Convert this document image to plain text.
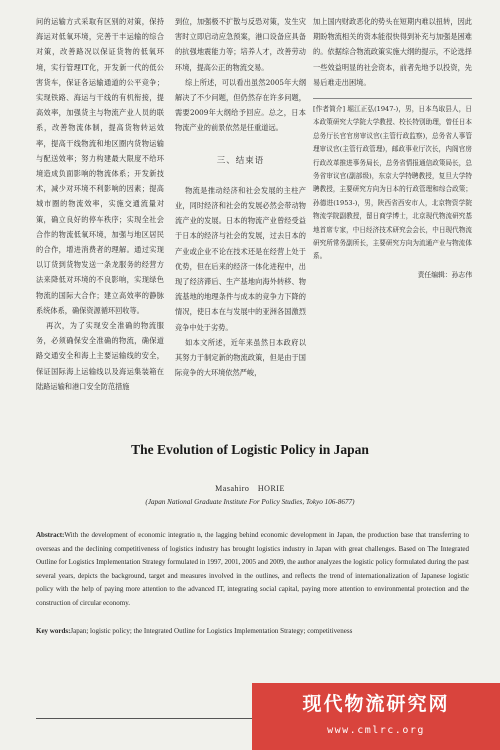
问的运输方式采取有区别的对策，保持海运对低氧环境，完善干丰运输的综合对策，改善路况以保证货物的低氧环境，实行管理IT化，开发新一代的低公害货车，保证各运输通道的公平竞争；实现铁路、海运与干线的有机衔接，提高效率，加强货主与物流产业人员的联系，改善物流体制，提高货物转运效率，提高干线物流和地区圈内货物运输与配送效率；努力构建最大限度不给环境造成负面影响的物流体系；开发新技术，减少对环境不利影响的因素；提高城市圈的物流效率，实施交通流量对策，确立良好的停车秩序；实现全社会合作的物流低氧环境，加强与地区居民的合作，增进消费者的理解。通过实现以订货到货物发送一条龙服务的经营方法来降低对环境的不良影响，实现绿色物流的国际大合作；建立高效率的静脉系统体系，确保资源循环回收等。

再次，为了实现安全准确的物流服务，必须确保安全准确的物流，确保道路交通安全和海上主要运输线的安全，保证国际海上运输线以及海运集装箱在陆路运输和港口安全防范措施

到位，加强极不扩散与反恐对策，发生灾害时立即启动应急预案，港口设备应具备的抗强地震能力等；培养人才，改善劳动环境，提高公正的物流交易。

综上所述，可以看出虽然2005年大纲解决了不少问题，但仍然存在许多问题，需要2009年大纲给予回应。总之，日本物流产业的前景依然是任重道远。

三、结束语

物流是推动经济和社会发展的主柱产业，同时经济和社会的发展必然会带动物流产业的发展。日本的物流产业曾经受益于日本的经济与社会的发展，过去日本的产业或企业不论在技术还是在经营上处于优势，但在后来的经济一体化进程中，出现了经济滞后、生产基地向海外转移、物流基地的地理条件与成本的竞争力下降的情况，使日本在与发展中的亚洲各国激烈竞争中处于劣势。

如本文所述，近年来虽然日本政府以其努力于制定新的物流政策，但是由于国际竞争的大环境依然严峻，

加上国内财政恶化的势头在短期内难以扭转，因此期盼物流相关的资本能很快得到补充与加强是困难的。依据综合物流政策实施大纲的提示，不论选择一些效益明显的社会资本，前者先地予以投资，先易后难走出困境。

[作者简介] 堀江正弘(1947-)，男，日本鸟取县人，日本政策研究大学院大学教授、校长特别助理，曾任日本总务厅长官官房审议官(主管行政监察)，总务省人事管理审议官(主管行政管理)，邮政事业厅次长，内阁官房行政改革推进事务局长，总务省情报通信政策局长，总务省审议官(副部级)，东京大学特聘教授，复旦大学特聘教授，主要研究方向为日本的行政管理和综合政策；孙德进(1953-)，男，陕西省西安市人，北京物资学院物流学院副教授，留日商学博士，北京现代物流研究基地首席专家，中日经济技术研究会会长，中日现代物流研究所常务副所长，主要研究方向为流通产业与物流体系。
责任编辑：孙志伟
The Evolution of Logistic Policy in Japan
Masahiro　HORIE
(Japan National Graduate Institute For Policy Studies, Tokyo 106-8677)
Abstract:With the development of economic integratio n, the lagging behind economic development in Japan, the production base that transferring to overseas and the declining competitiveness of logistics industry has brought logistics industry in Japan with great challenges. Based on The Integrated Outline for Logistics Implementation Strategy formulated in 1997, 2001, 2005 and 2009, the author analyzes the logistic policy formulated during the past several years, depicts the background, target and measures involved in the outlines, and reflects the trend of internationalization of Japanese logistic policy with the help of paying more attention to the advanced IT, integrating social capital, paying more attention to environmental protection and the construction of circular economy.
Key words:Japan; logistic policy; the Integrated Outline for Logistics Implementation Strategy; competitiveness
现代物流研究网
www.cmlrc.org
